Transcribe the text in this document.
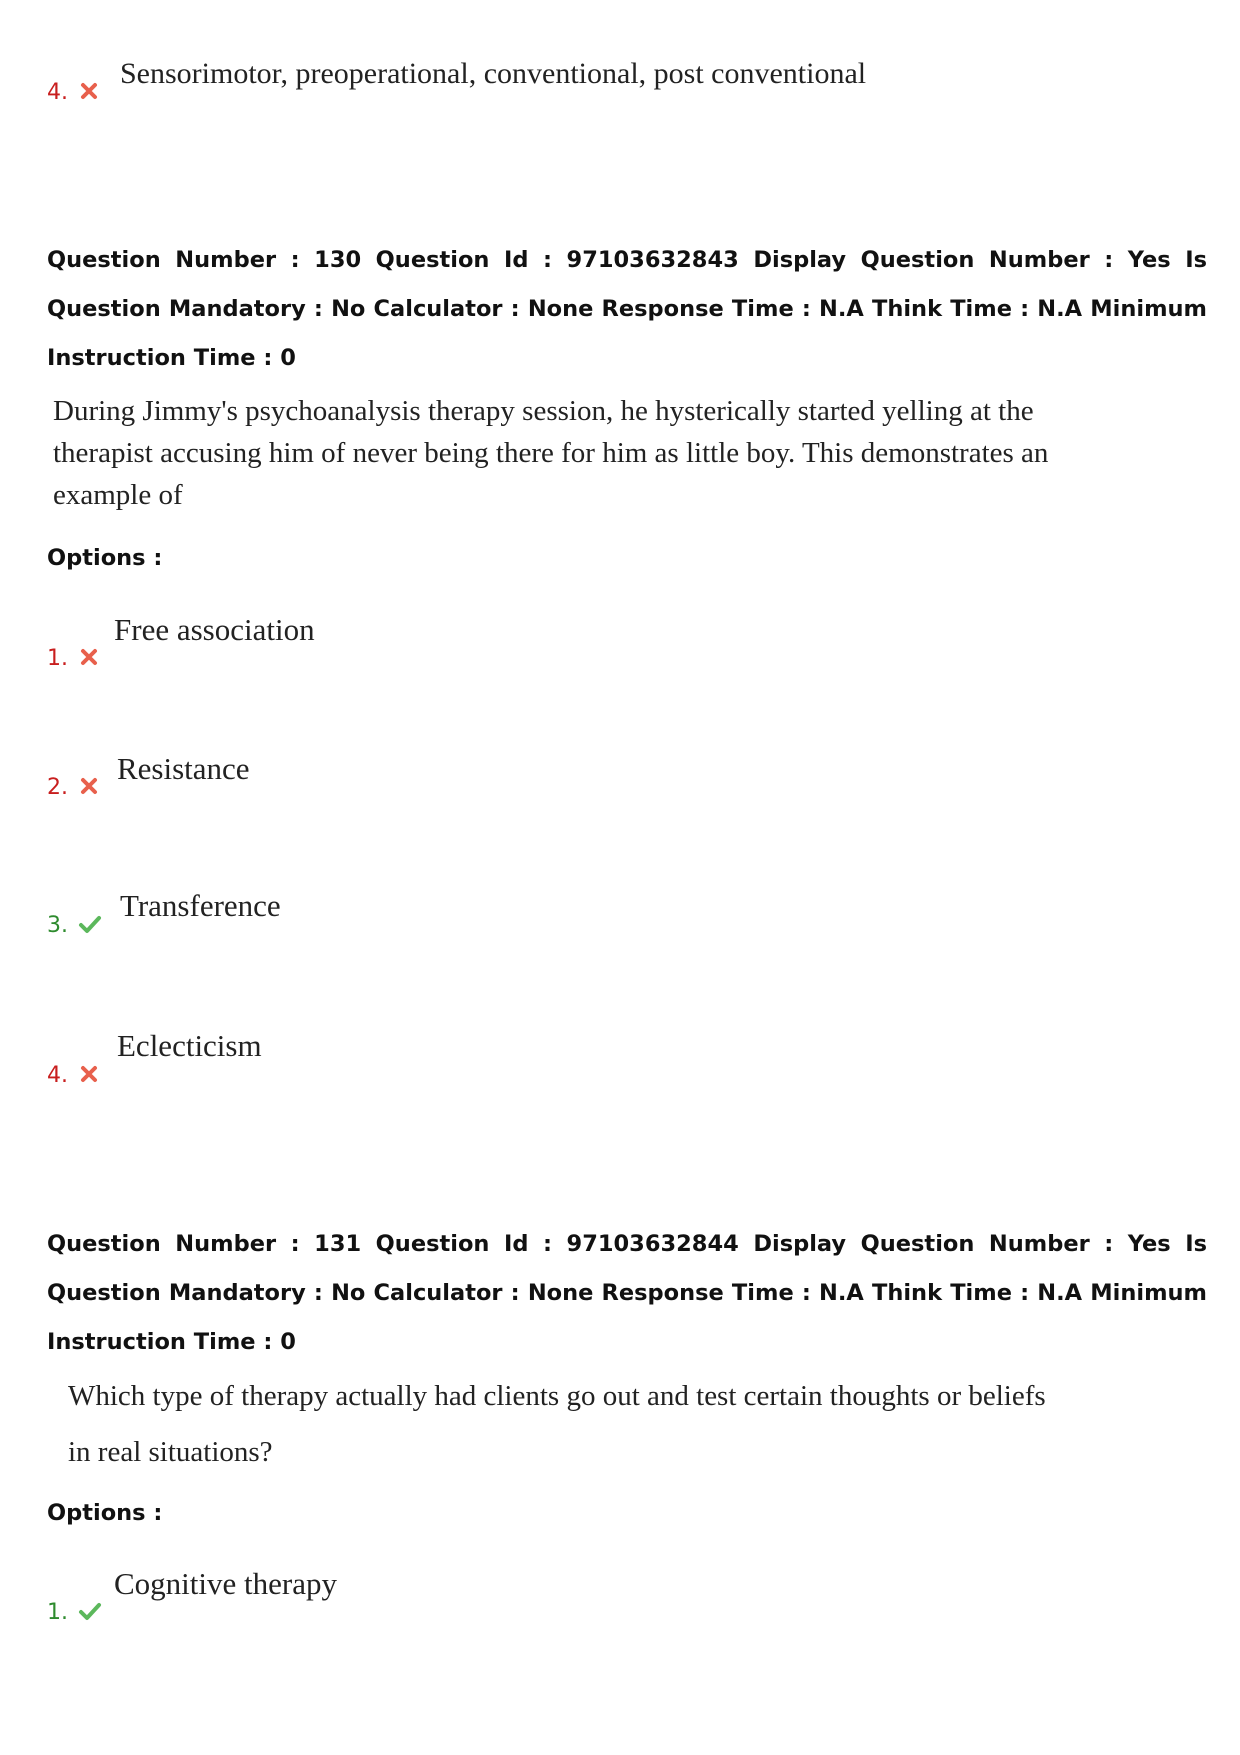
4.
Sensorimotor, preoperational, conventional, post conventional
Question Number : 130 Question Id : 97103632843 Display Question Number : Yes Is Question Mandatory : No Calculator : None Response Time : N.A Think Time : N.A Minimum Instruction Time : 0
During Jimmy's psychoanalysis therapy session, he hysterically started yelling at the
therapist accusing him of never being there for him as little boy. This demonstrates an
example of
Options :
1.
Free association
2.
Resistance
3.
Transference
4.
Eclecticism
Question Number : 131 Question Id : 97103632844 Display Question Number : Yes Is Question Mandatory : No Calculator : None Response Time : N.A Think Time : N.A Minimum Instruction Time : 0
Which type of therapy actually had clients go out and test certain thoughts or beliefs
in real situations?
Options :
1.
Cognitive therapy
